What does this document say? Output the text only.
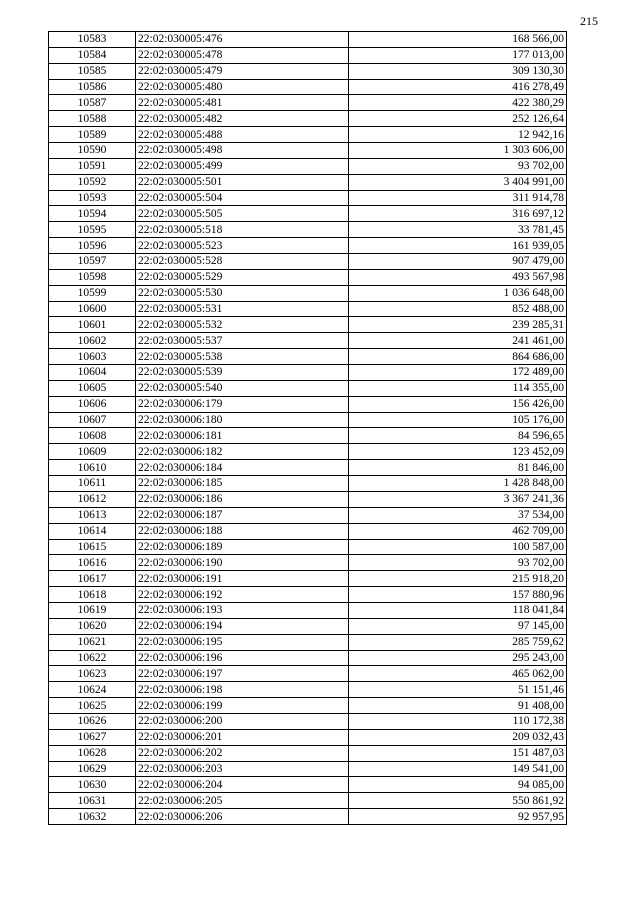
215
10583	22:02:030005:476	168 566,00
10584	22:02:030005:478	177 013,00
10585	22:02:030005:479	309 130,30
10586	22:02:030005:480	416 278,49
10587	22:02:030005:481	422 380,29
10588	22:02:030005:482	252 126,64
10589	22:02:030005:488	12 942,16
10590	22:02:030005:498	1 303 606,00
10591	22:02:030005:499	93 702,00
10592	22:02:030005:501	3 404 991,00
10593	22:02:030005:504	311 914,78
10594	22:02:030005:505	316 697,12
10595	22:02:030005:518	33 781,45
10596	22:02:030005:523	161 939,05
10597	22:02:030005:528	907 479,00
10598	22:02:030005:529	493 567,98
10599	22:02:030005:530	1 036 648,00
10600	22:02:030005:531	852 488,00
10601	22:02:030005:532	239 285,31
10602	22:02:030005:537	241 461,00
10603	22:02:030005:538	864 686,00
10604	22:02:030005:539	172 489,00
10605	22:02:030005:540	114 355,00
10606	22:02:030006:179	156 426,00
10607	22:02:030006:180	105 176,00
10608	22:02:030006:181	84 596,65
10609	22:02:030006:182	123 452,09
10610	22:02:030006:184	81 846,00
10611	22:02:030006:185	1 428 848,00
10612	22:02:030006:186	3 367 241,36
10613	22:02:030006:187	37 534,00
10614	22:02:030006:188	462 709,00
10615	22:02:030006:189	100 587,00
10616	22:02:030006:190	93 702,00
10617	22:02:030006:191	215 918,20
10618	22:02:030006:192	157 880,96
10619	22:02:030006:193	118 041,84
10620	22:02:030006:194	97 145,00
10621	22:02:030006:195	285 759,62
10622	22:02:030006:196	295 243,00
10623	22:02:030006:197	465 062,00
10624	22:02:030006:198	51 151,46
10625	22:02:030006:199	91 408,00
10626	22:02:030006:200	110 172,38
10627	22:02:030006:201	209 032,43
10628	22:02:030006:202	151 487,03
10629	22:02:030006:203	149 541,00
10630	22:02:030006:204	94 085,00
10631	22:02:030006:205	550 861,92
10632	22:02:030006:206	92 957,95
